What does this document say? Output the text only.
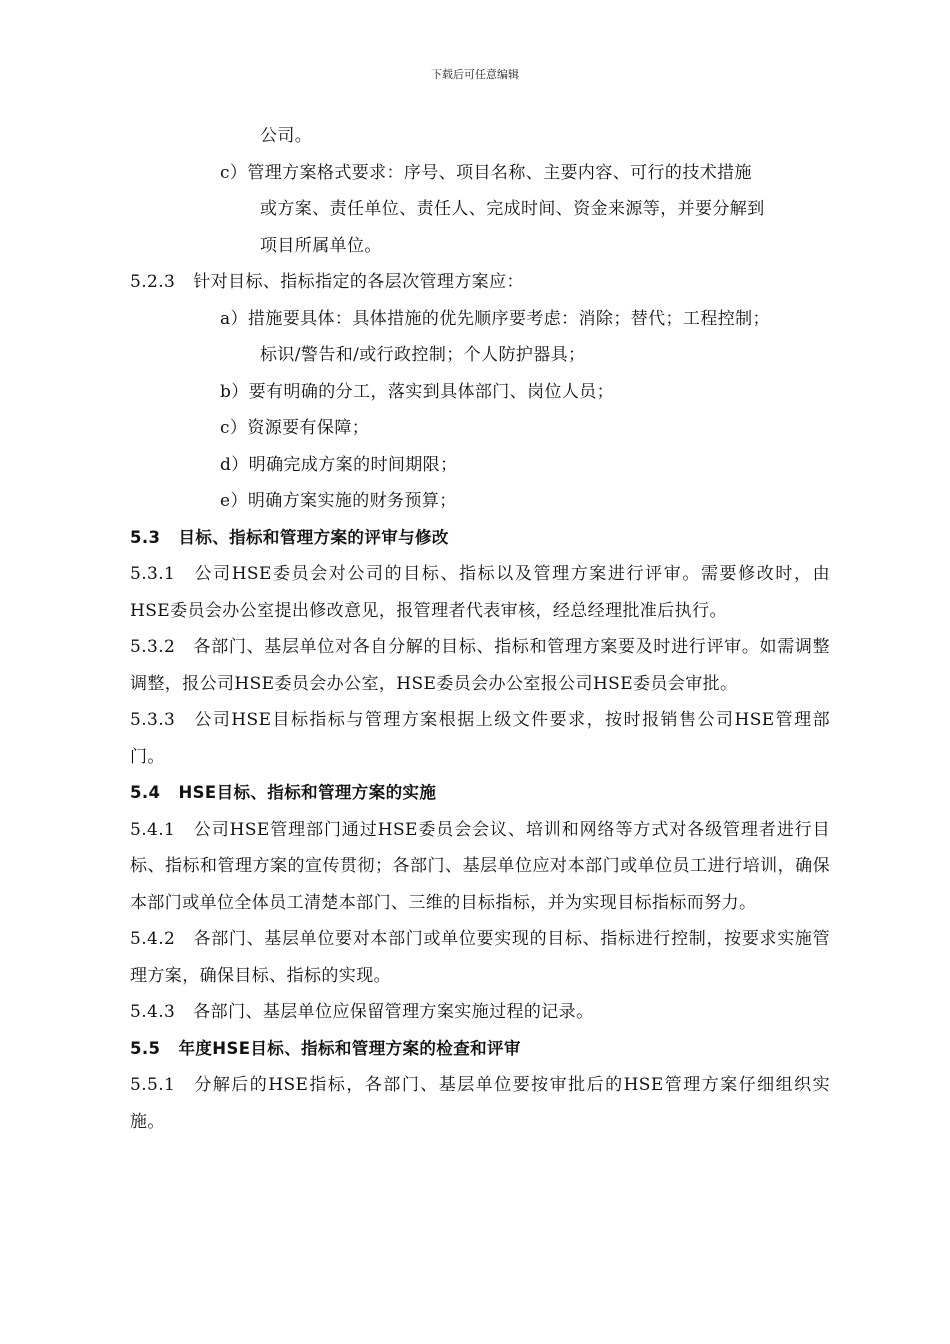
下载后可任意编辑
公司。
c）管理方案格式要求：序号、项目名称、主要内容、可行的技术措施
或方案、责任单位、责任人、完成时间、资金来源等，并要分解到
项目所属单位。
5.2.3 针对目标、指标指定的各层次管理方案应：
a）措施要具体：具体措施的优先顺序要考虑：消除；替代；工程控制；
标识/警告和/或行政控制；个人防护器具；
b）要有明确的分工，落实到具体部门、岗位人员；
c）资源要有保障；
d）明确完成方案的时间期限；
e）明确方案实施的财务预算；
5.3 目标、指标和管理方案的评审与修改
5.3.1 公司HSE委员会对公司的目标、指标以及管理方案进行评审。需要修改时，由HSE委员会办公室提出修改意见，报管理者代表审核，经总经理批准后执行。
5.3.2 各部门、基层单位对各自分解的目标、指标和管理方案要及时进行评审。如需调整调整，报公司HSE委员会办公室，HSE委员会办公室报公司HSE委员会审批。
5.3.3 公司HSE目标指标与管理方案根据上级文件要求，按时报销售公司HSE管理部门。
5.4 HSE目标、指标和管理方案的实施
5.4.1 公司HSE管理部门通过HSE委员会会议、培训和网络等方式对各级管理者进行目标、指标和管理方案的宣传贯彻；各部门、基层单位应对本部门或单位员工进行培训，确保本部门或单位全体员工清楚本部门、三维的目标指标，并为实现目标指标而努力。
5.4.2 各部门、基层单位要对本部门或单位要实现的目标、指标进行控制，按要求实施管理方案，确保目标、指标的实现。
5.4.3 各部门、基层单位应保留管理方案实施过程的记录。
5.5 年度HSE目标、指标和管理方案的检查和评审
5.5.1 分解后的HSE指标，各部门、基层单位要按审批后的HSE管理方案仔细组织实施。
